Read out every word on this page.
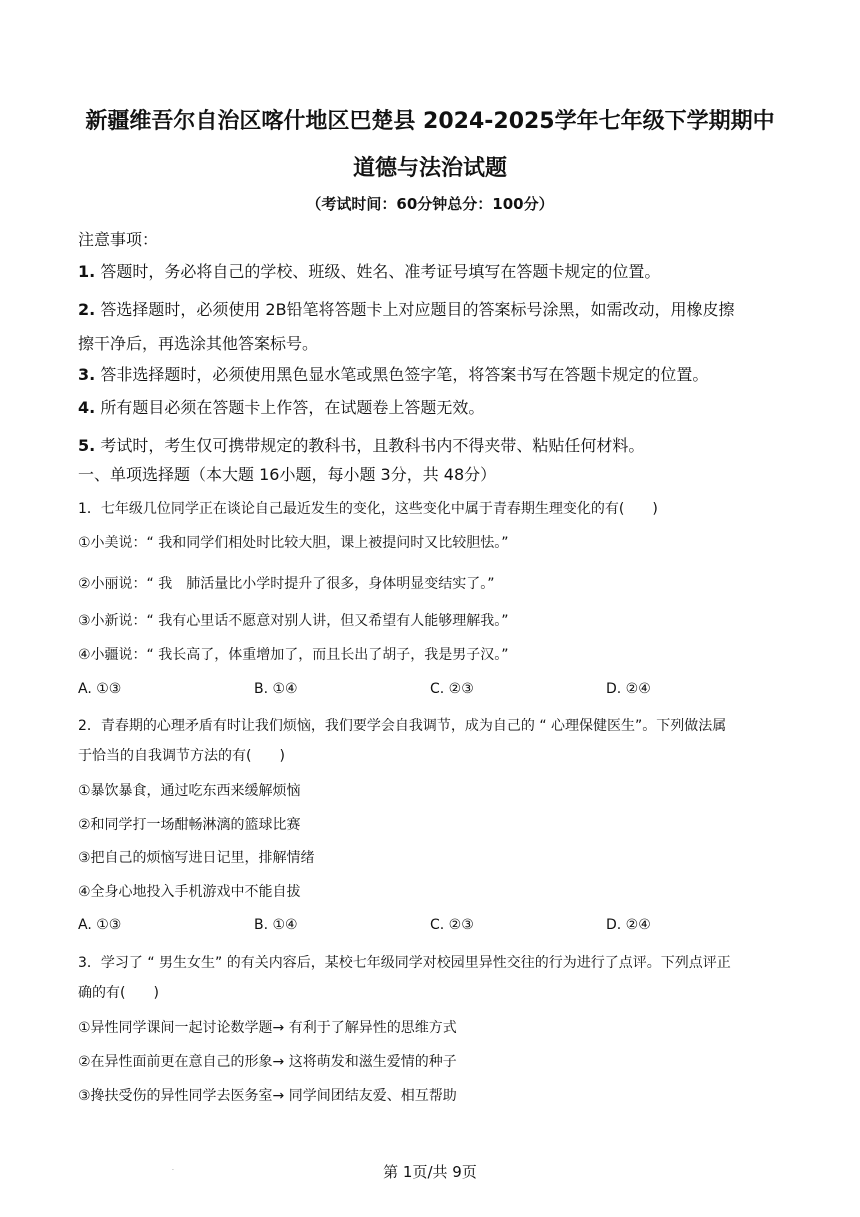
新疆维吾尔自治区喀什地区巴楚县 2024-2025学年七年级下学期期中
道德与法治试题
（考试时间：60分钟总分：100分）
注意事项：
1. 答题时，务必将自己的学校、班级、姓名、准考证号填写在答题卡规定的位置。
2. 答选择题时，必须使用 2B铅笔将答题卡上对应题目的答案标号涂黑，如需改动，用橡皮擦
擦干净后，再选涂其他答案标号。
3. 答非选择题时，必须使用黑色显水笔或黑色签字笔，将答案书写在答题卡规定的位置。
4. 所有题目必须在答题卡上作答，在试题卷上答题无效。
5. 考试时，考生仅可携带规定的教科书，且教科书内不得夹带、粘贴任何材料。
一、单项选择题（本大题 16小题，每小题 3分，共 48分）
1．七年级几位同学正在谈论自己最近发生的变化，这些变化中属于青春期生理变化的有(　　)
①小美说：“ 我和同学们相处时比较大胆，课上被提问时又比较胆怯。”
②小丽说：“ 我　肺活量比小学时提升了很多，身体明显变结实了。”
③小新说：“ 我有心里话不愿意对别人讲，但又希望有人能够理解我。”
④小疆说：“ 我长高了，体重增加了，而且长出了胡子，我是男子汉。”
A. ①③	B. ①④	C. ②③	D. ②④
2．青春期的心理矛盾有时让我们烦恼，我们要学会自我调节，成为自己的 “ 心理保健医生”。下列做法属
于恰当的自我调节方法的有(　　)
①暴饮暴食，通过吃东西来缓解烦恼
②和同学打一场酣畅淋漓的篮球比赛
③把自己的烦恼写进日记里，排解情绪
④全身心地投入手机游戏中不能自拔
A. ①③	B. ①④	C. ②③	D. ②④
3．学习了 “ 男生女生” 的有关内容后，某校七年级同学对校园里异性交往的行为进行了点评。下列点评正
确的有(　　)
①异性同学课间一起讨论数学题→ 有利于了解异性的思维方式
②在异性面前更在意自己的形象→ 这将萌发和滋生爱情的种子
③搀扶受伤的异性同学去医务室→ 同学间团结友爱、相互帮助
.	第 1页/共 9页
